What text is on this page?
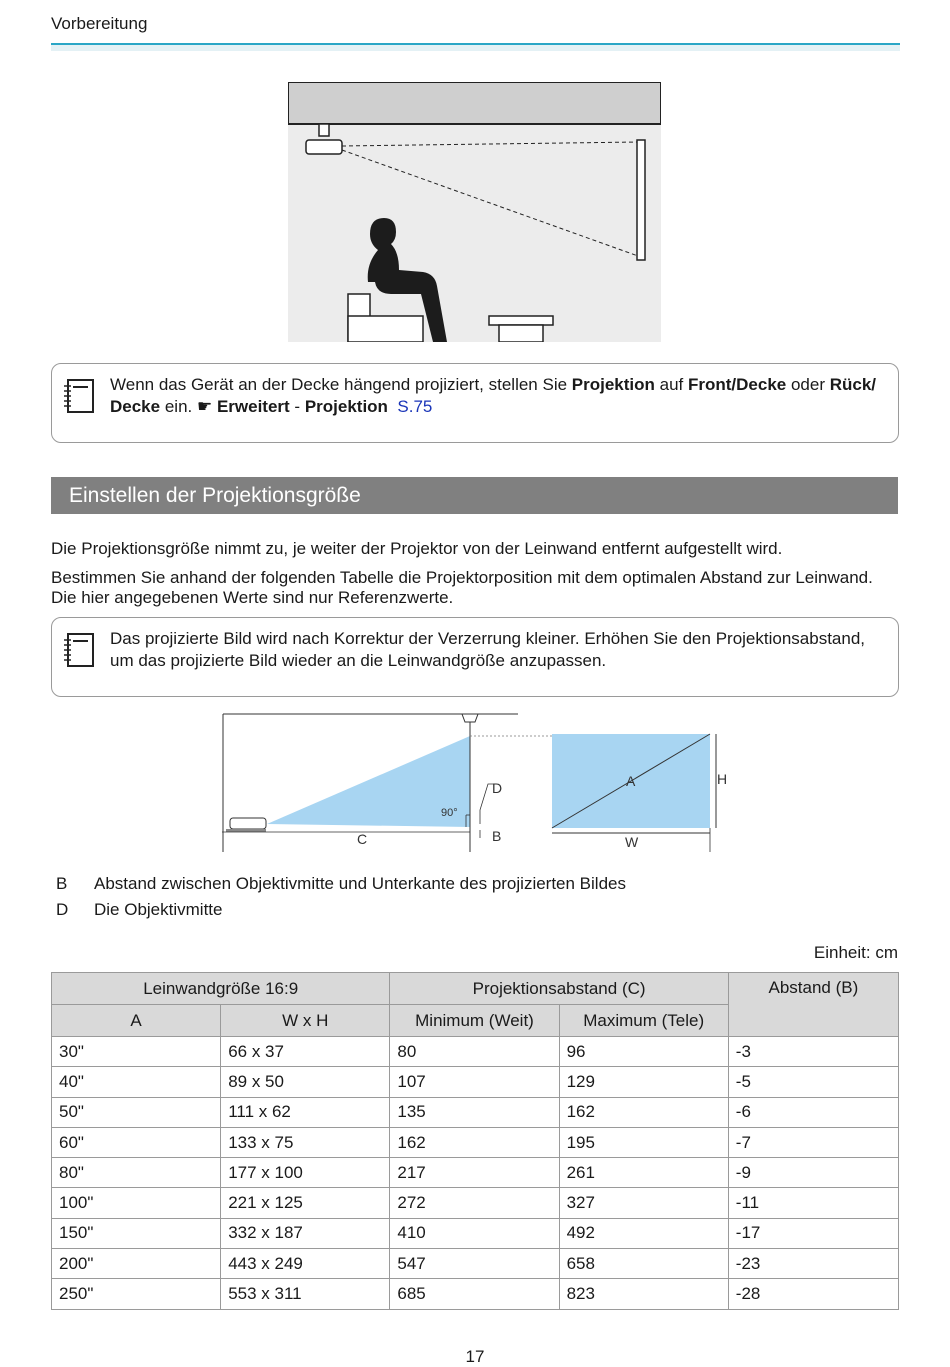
Vorbereitung
Wenn das Gerät an der Decke hängend projiziert, stellen Sie Projektion auf Front/Decke oder Rück/ Decke ein. ☛ Erweitert - Projektion S.75
Einstellen der Projektionsgröße
Die Projektionsgröße nimmt zu, je weiter der Projektor von der Leinwand entfernt aufgestellt wird.
Bestimmen Sie anhand der folgenden Tabelle die Projektorposition mit dem optimalen Abstand zur Leinwand. Die hier angegebenen Werte sind nur Referenzwerte.
Das projizierte Bild wird nach Korrektur der Verzerrung kleiner. Erhöhen Sie den Projektionsabstand, um das projizierte Bild wieder an die Leinwandgröße anzupassen.
D
B
C
90°
A	H
W
B Abstand zwischen Objektivmitte und Unterkante des projizierten Bildes
D Die Objektivmitte
Einheit: cm
Leinwandgröße 16:9		Projektionsabstand (C)		Abstand (B)
A	W x H	Minimum (Weit)	Maximum (Tele)	
30"	66 x 37	80	96	-3
40"	89 x 50	107	129	-5
50"	111 x 62	135	162	-6
60"	133 x 75	162	195	-7
80"	177 x 100	217	261	-9
100"	221 x 125	272	327	-11
150"	332 x 187	410	492	-17
200"	443 x 249	547	658	-23
250"	553 x 311	685	823	-28
17
